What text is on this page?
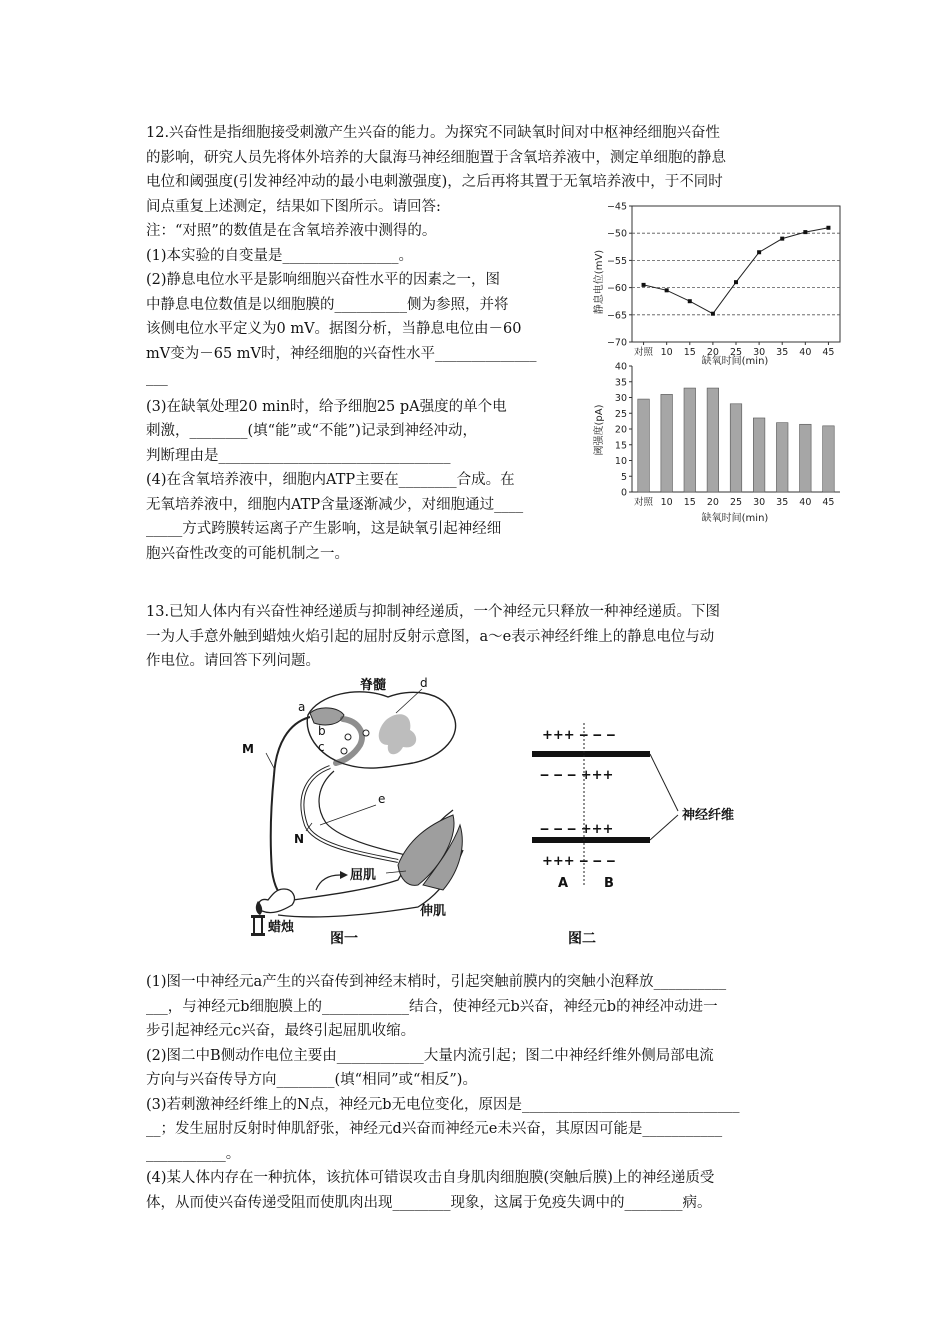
12.兴奋性是指细胞接受刺激产生兴奋的能力。为探究不同缺氧时间对中枢神经细胞兴奋性
的影响，研究人员先将体外培养的大鼠海马神经细胞置于含氧培养液中，测定单细胞的静息
电位和阈强度(引发神经冲动的最小电刺激强度)，之后再将其置于无氧培养液中，于不同时
间点重复上述测定，结果如下图所示。请回答:
注：“对照”的数值是在含氧培养液中测得的。
(1)本实验的自变量是________________。
(2)静息电位水平是影响细胞兴奋性水平的因素之一，图
中静息电位数值是以细胞膜的__________侧为参照，并将
该侧电位水平定义为0 mV。据图分析，当静息电位由－60
mV变为－65 mV时，神经细胞的兴奋性水平______________
___
(3)在缺氧处理20 min时，给予细胞25 pA强度的单个电
刺激，________(填“能”或“不能”)记录到神经冲动，
判断理由是________________________________
(4)在含氧培养液中，细胞内ATP主要在________合成。在
无氧培养液中，细胞内ATP含量逐渐减少，对细胞通过____
_____方式跨膜转运离子产生影响，这是缺氧引起神经细
胞兴奋性改变的可能机制之一。
−45
−50
−55
−60
−65
−70
对照 10 15 20 25 30 35 40 45
静息电位(mV)
缺氧时间(min)
0
5
10
15
20
25
30
35
40
对照 10 15 20 25 30 35 40 45
阈强度(pA)
缺氧时间(min)
13.已知人体内有兴奋性神经递质与抑制神经递质，一个神经元只释放一种神经递质。下图
一为人手意外触到蜡烛火焰引起的屈肘反射示意图，a～e表示神经纤维上的静息电位与动
作电位。请回答下列问题。
脊髓	d
a
b
c
M
e
N
屈肌
伸肌
蜡烛
图一
+++ ‒ ‒ ‒
‒ ‒ ‒ +++
‒ ‒ ‒ +++
+++ ‒ ‒ ‒
A	B
神经纤维
图二
(1)图一中神经元a产生的兴奋传到神经末梢时，引起突触前膜内的突触小泡释放__________
___，与神经元b细胞膜上的____________结合，使神经元b兴奋，神经元b的神经冲动进一
步引起神经元c兴奋，最终引起屈肌收缩。
(2)图二中B侧动作电位主要由____________大量内流引起；图二中神经纤维外侧局部电流
方向与兴奋传导方向________(填“相同”或“相反”)。
(3)若刺激神经纤维上的N点，神经元b无电位变化，原因是______________________________
__；发生屈肘反射时伸肌舒张，神经元d兴奋而神经元e未兴奋，其原因可能是___________
___________。
(4)某人体内存在一种抗体，该抗体可错误攻击自身肌肉细胞膜(突触后膜)上的神经递质受
体，从而使兴奋传递受阻而使肌肉出现________现象，这属于免疫失调中的________病。
